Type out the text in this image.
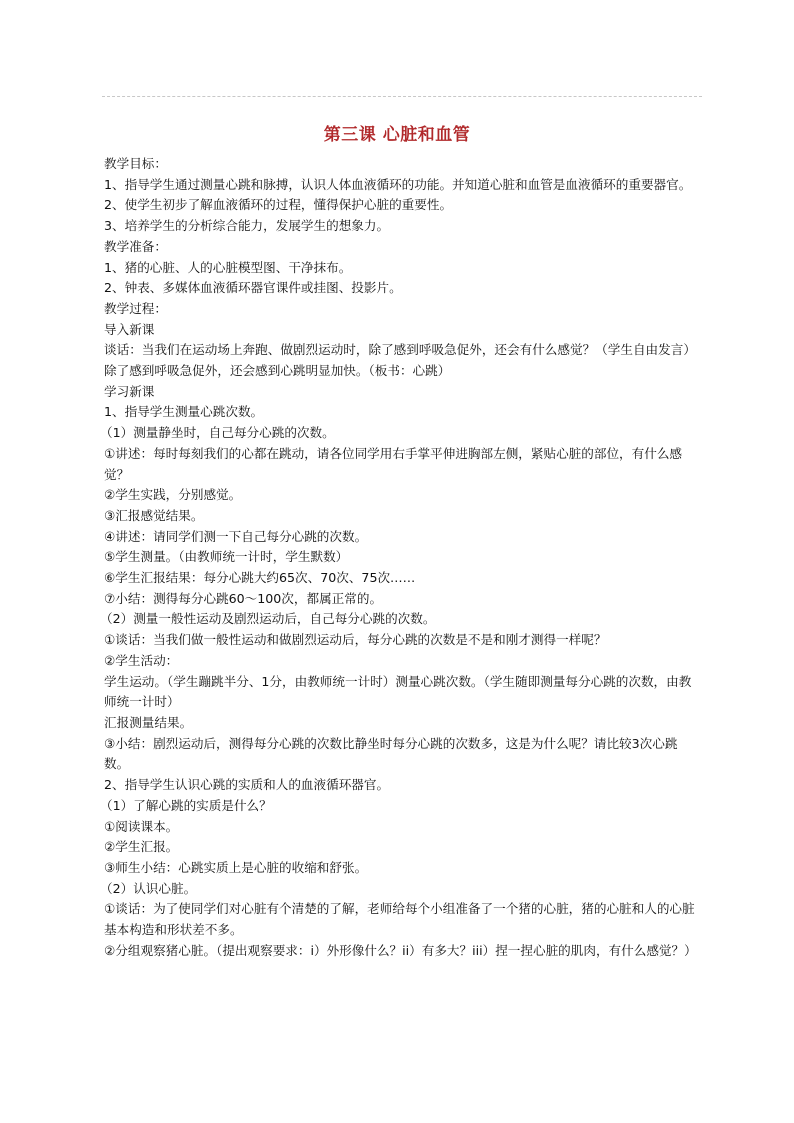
第三课 心脏和血管

教学目标：

1、指导学生通过测量心跳和脉搏，认识人体血液循环的功能。并知道心脏和血管是血液循环的重要器官。

2、使学生初步了解血液循环的过程，懂得保护心脏的重要性。

3、培养学生的分析综合能力，发展学生的想象力。

教学准备：

1、猪的心脏、人的心脏模型图、干净抹布。

2、钟表、多媒体血液循环器官课件或挂图、投影片。

教学过程：

导入新课

谈话：当我们在运动场上奔跑、做剧烈运动时，除了感到呼吸急促外，还会有什么感觉？（学生自由发言）

除了感到呼吸急促外，还会感到心跳明显加快。（板书：心跳）

学习新课

1、指导学生测量心跳次数。

（1）测量静坐时，自己每分心跳的次数。

①讲述：每时每刻我们的心都在跳动，请各位同学用右手掌平伸进胸部左侧，紧贴心脏的部位，有什么感觉？

②学生实践，分别感觉。

③汇报感觉结果。

④讲述：请同学们测一下自己每分心跳的次数。

⑤学生测量。（由教师统一计时，学生默数）

⑥学生汇报结果：每分心跳大约65次、70次、75次……

⑦小结：测得每分心跳60～100次，都属正常的。

（2）测量一般性运动及剧烈运动后，自己每分心跳的次数。

①谈话：当我们做一般性运动和做剧烈运动后，每分心跳的次数是不是和刚才测得一样呢？

②学生活动：

学生运动。（学生蹦跳半分、1分，由教师统一计时）测量心跳次数。（学生随即测量每分心跳的次数，由教师统一计时）

汇报测量结果。

③小结：剧烈运动后，测得每分心跳的次数比静坐时每分心跳的次数多，这是为什么呢？请比较3次心跳数。

2、指导学生认识心跳的实质和人的血液循环器官。

（1）了解心跳的实质是什么？

①阅读课本。

②学生汇报。

③师生小结：心跳实质上是心脏的收缩和舒张。

（2）认识心脏。

①谈话：为了使同学们对心脏有个清楚的了解，老师给每个小组准备了一个猪的心脏，猪的心脏和人的心脏基本构造和形状差不多。

②分组观察猪心脏。（提出观察要求：i）外形像什么？ii）有多大？iii）捏一捏心脏的肌肉，有什么感觉？）
